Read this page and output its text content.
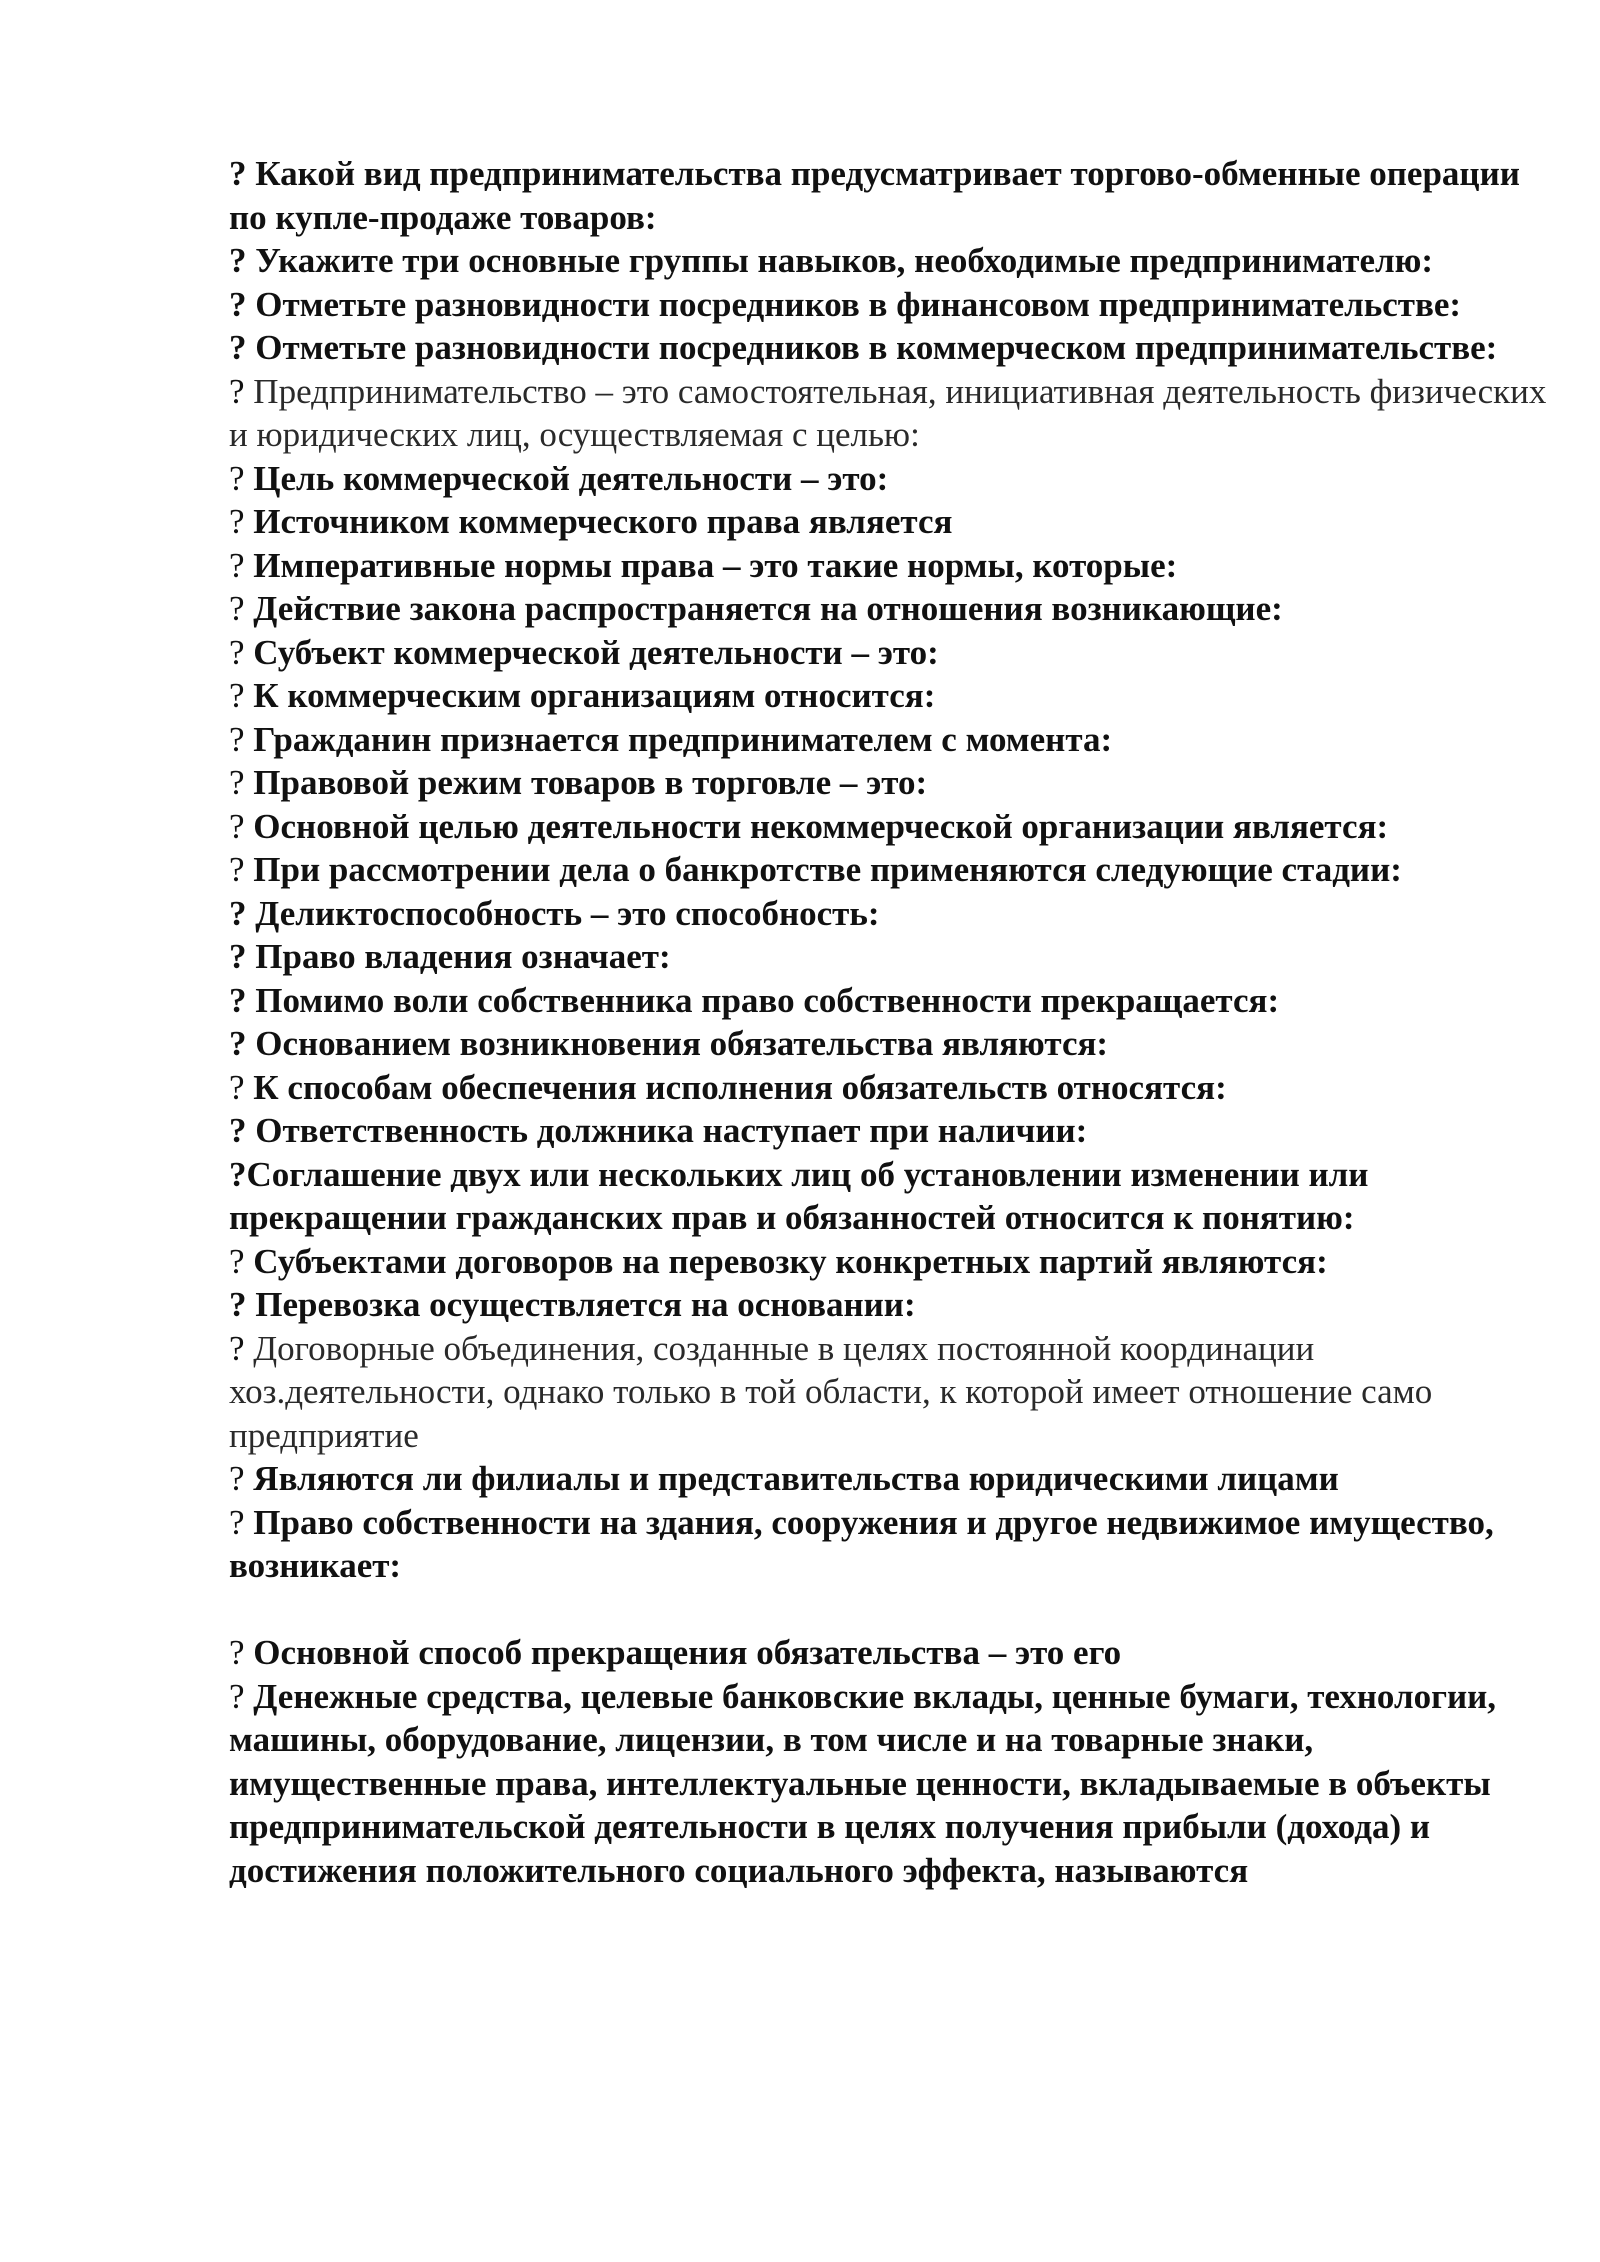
? Какой вид предпринимательства предусматривает торгово-обменные операции по купле-продаже товаров:

? Укажите три основные группы навыков, необходимые предпринимателю:

? Отметьте разновидности посредников в финансовом предпринимательстве:

? Отметьте разновидности посредников в коммерческом предпринимательстве:

? Предпринимательство – это самостоятельная, инициативная деятельность физических и юридических лиц, осуществляемая с целью:

? Цель коммерческой деятельности – это:

? Источником коммерческого права является

? Императивные нормы права – это такие нормы, которые:

? Действие закона распространяется на отношения возникающие:

? Субъект коммерческой деятельности – это:

? К коммерческим организациям относится:

? Гражданин признается предпринимателем с момента:

? Правовой режим товаров в торговле – это:

? Основной целью деятельности некоммерческой организации является:

? При рассмотрении дела о банкротстве применяются следующие стадии:

? Деликтоспособность – это способность:

? Право владения означает:

? Помимо воли собственника право собственности прекращается:

? Основанием возникновения обязательства являются:

? К способам обеспечения исполнения обязательств относятся:

? Ответственность должника наступает при наличии:

?Соглашение двух или нескольких лиц об установлении изменении или прекращении гражданских прав и обязанностей относится к понятию:

? Субъектами договоров на перевозку конкретных партий являются:

? Перевозка осуществляется на основании:

? Договорные объединения, созданные в целях постоянной координации хоз.деятельности, однако только в той области, к которой имеет отношение само предприятие

? Являются ли филиалы и представительства юридическими лицами

? Право собственности на здания, сооружения и другое недвижимое имущество, возникает:

? Основной способ прекращения обязательства – это его

? Денежные средства, целевые банковские вклады, ценные бумаги, технологии, машины, оборудование, лицензии, в том числе и на товарные знаки, имущественные права, интеллектуальные ценности, вкладываемые в объекты предпринимательской деятельности в целях получения прибыли (дохода) и достижения положительного социального эффекта, называются
